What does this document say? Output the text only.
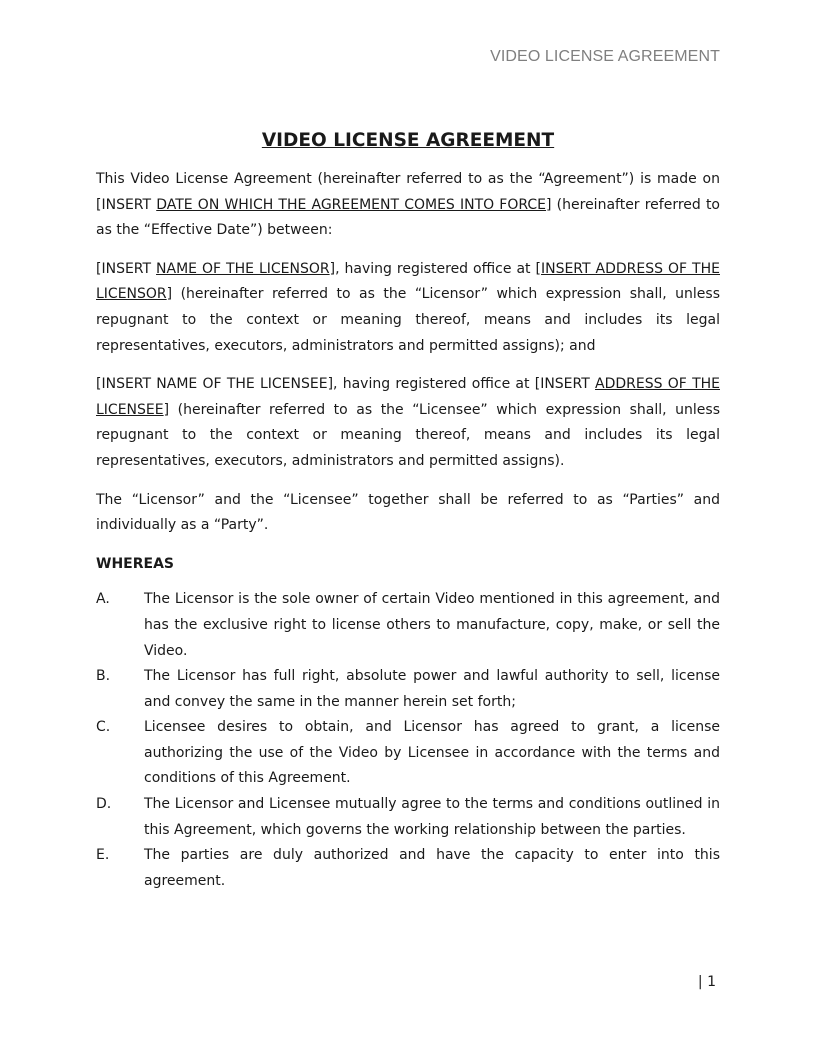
VIDEO LICENSE AGREEMENT
VIDEO LICENSE AGREEMENT

This Video License Agreement (hereinafter referred to as the “Agreement”) is made on [INSERT DATE ON WHICH THE AGREEMENT COMES INTO FORCE] (hereinafter referred to as the “Effective Date”) between:

[INSERT NAME OF THE LICENSOR], having registered office at [INSERT ADDRESS OF THE LICENSOR] (hereinafter referred to as the “Licensor” which expression shall, unless repugnant to the context or meaning thereof, means and includes its legal representatives, executors, administrators and permitted assigns); and

[INSERT NAME OF THE LICENSEE], having registered office at [INSERT ADDRESS OF THE LICENSEE] (hereinafter referred to as the “Licensee” which expression shall, unless repugnant to the context or meaning thereof, means and includes its legal representatives, executors, administrators and permitted assigns).

The “Licensor” and the “Licensee” together shall be referred to as “Parties” and individually as a “Party”.

WHEREAS
A.	The Licensor is the sole owner of certain Video mentioned in this agreement, and has the exclusive right to license others to manufacture, copy, make, or sell the Video.
B.	The Licensor has full right, absolute power and lawful authority to sell, license and convey the same in the manner herein set forth;
C.	Licensee desires to obtain, and Licensor has agreed to grant, a license authorizing the use of the Video by Licensee in accordance with the terms and conditions of this Agreement.
D.	The Licensor and Licensee mutually agree to the terms and conditions outlined in this Agreement, which governs the working relationship between the parties.
E.	The parties are duly authorized and have the capacity to enter into this agreement.
| 1
